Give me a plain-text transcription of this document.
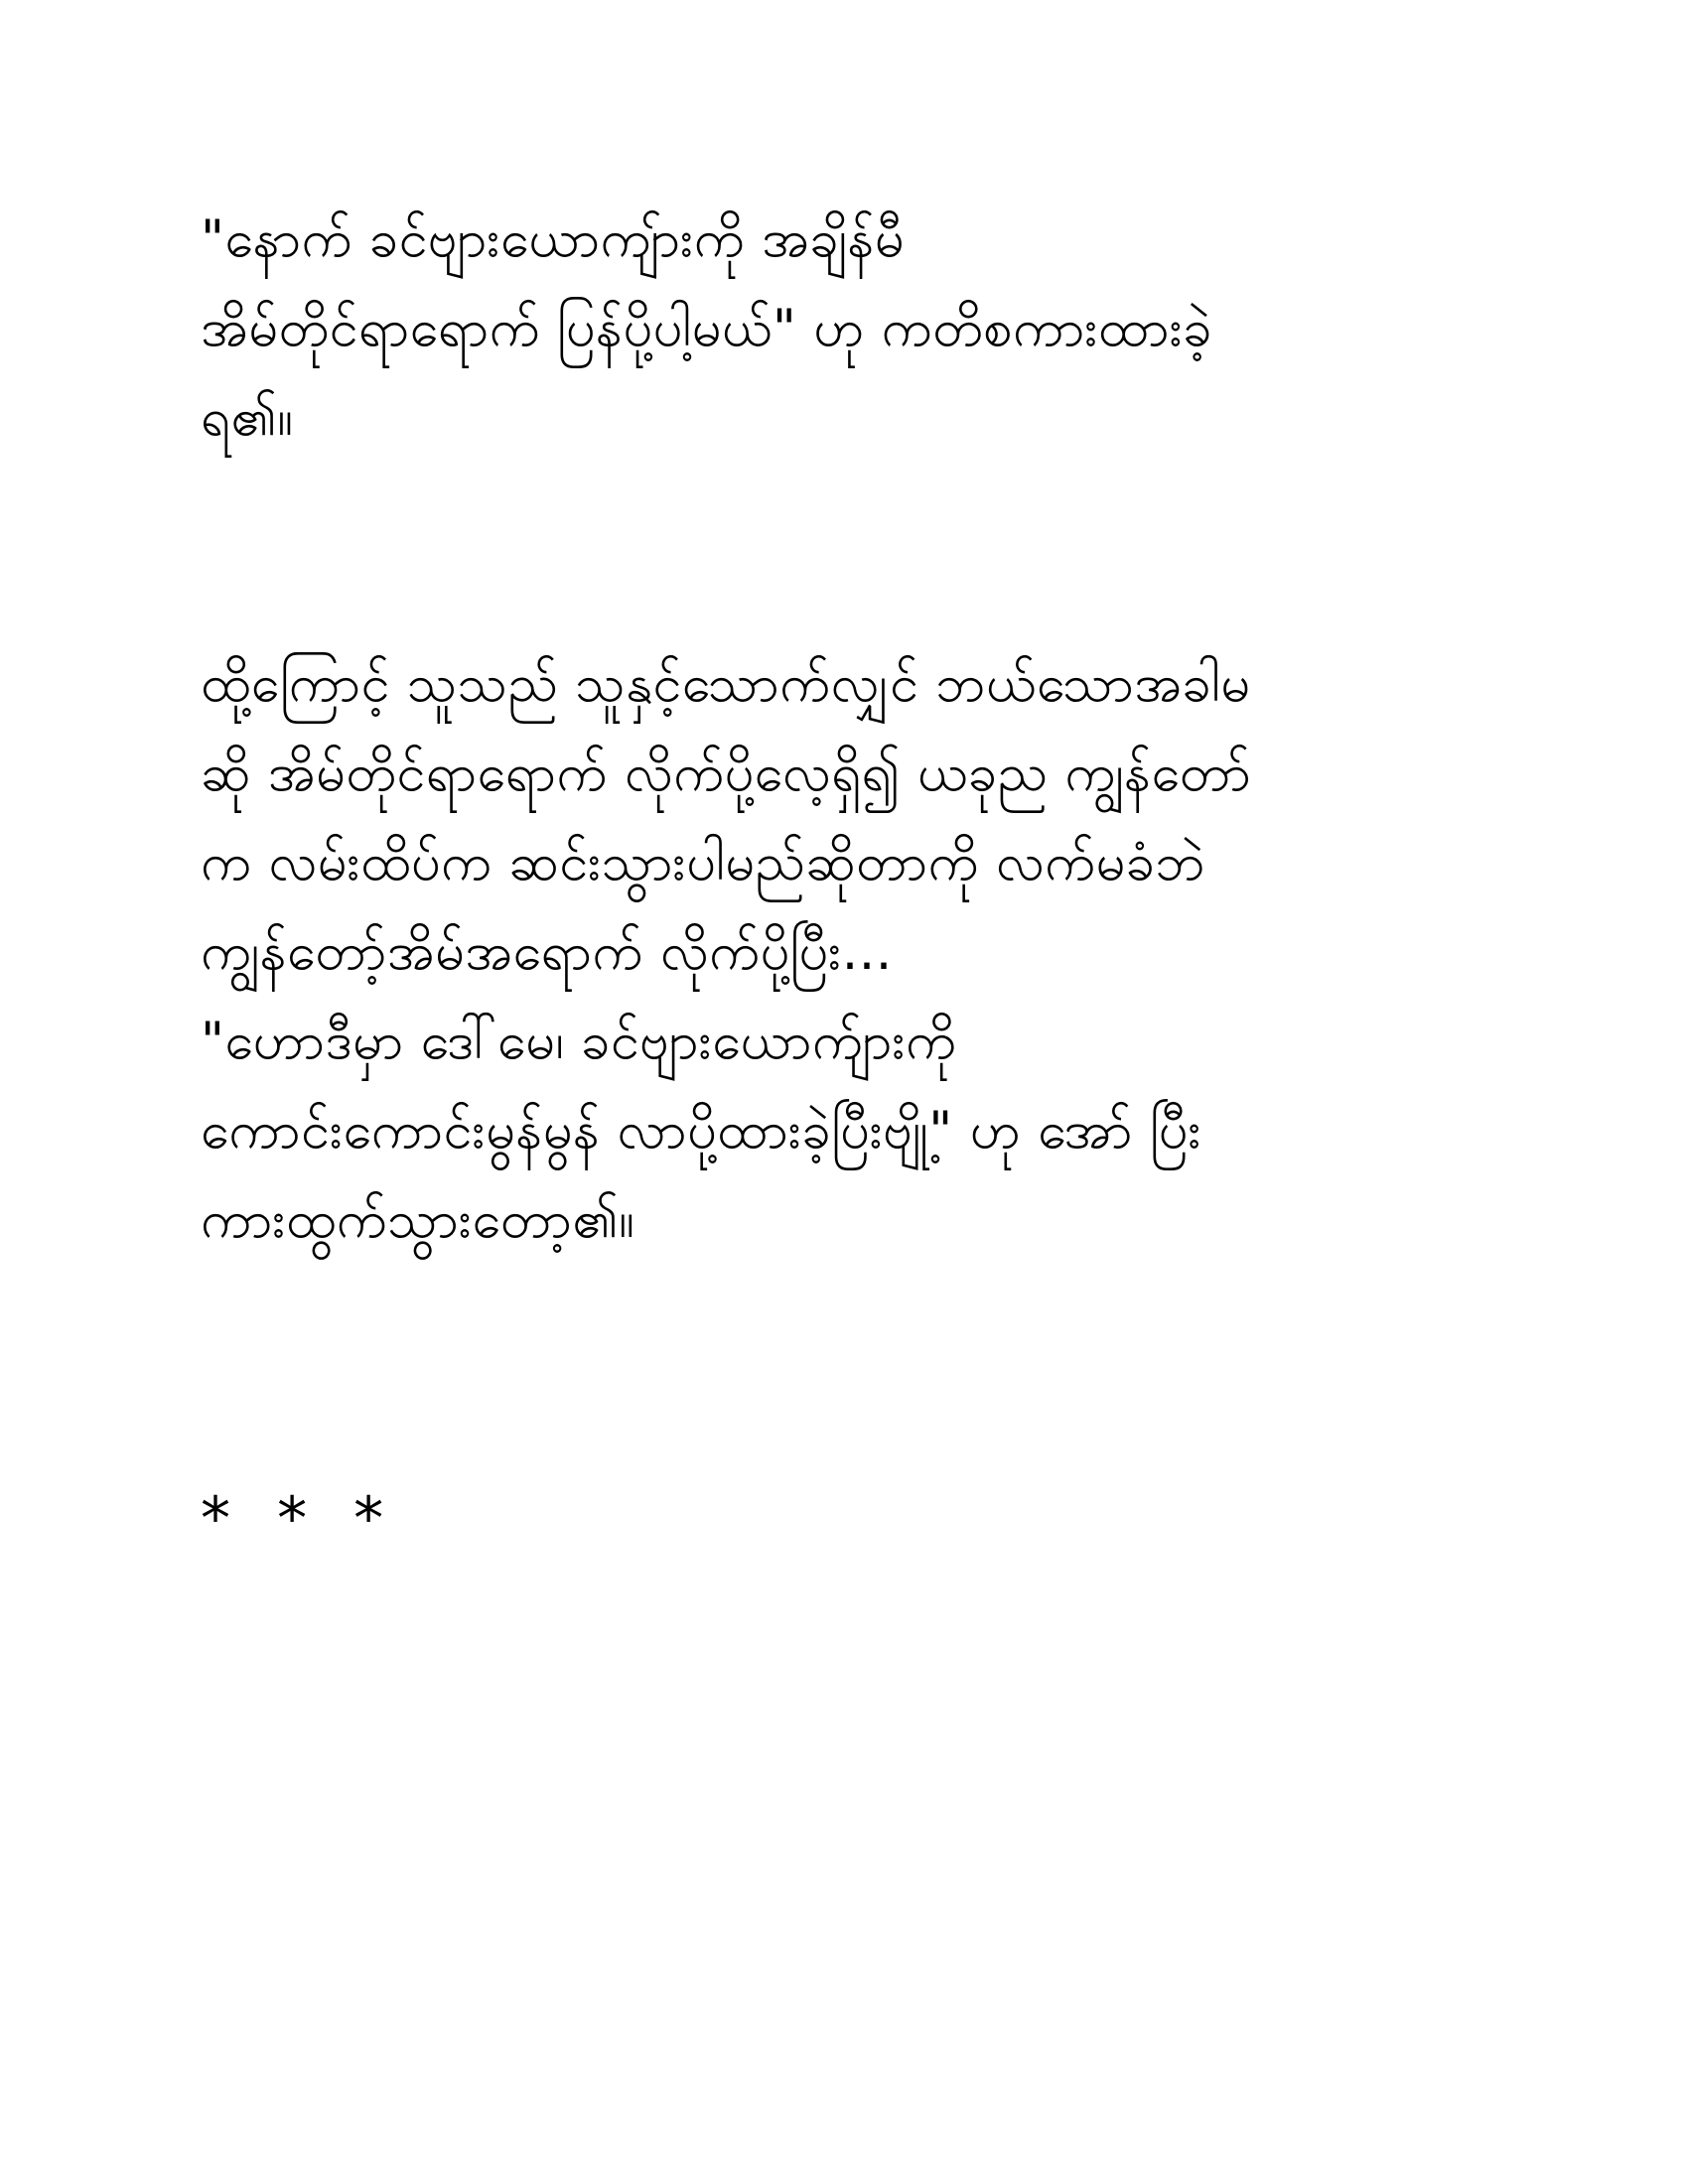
"နောက် ခင်ဗျားယောကျ်ားကို အချိန်မီ
အိမ်တိုင်ရာရောက် ပြန်ပို့ပါ့မယ်" ဟု ကတိစကားထားခဲ့
ရ၏။
ထို့ကြောင့် သူသည် သူနှင့်သောက်လျှင် ဘယ်သောအခါမ
ဆို အိမ်တိုင်ရာရောက် လိုက်ပို့လေ့ရှိ၍ ယခုည ကျွန်တော်
က လမ်းထိပ်က ဆင်းသွားပါမည်ဆိုတာကို လက်မခံဘဲ
ကျွန်တော့်အိမ်အရောက် လိုက်ပို့ပြီး...
"ဟောဒီမှာ ဒေါ်မေ၊ ခင်ဗျားယောက်ျားကို
ကောင်းကောင်းမွန်မွန် လာပို့ထားခဲ့ပြီးဗျို့" ဟု အော် ပြီး
ကားထွက်သွားတော့၏။
* * *
